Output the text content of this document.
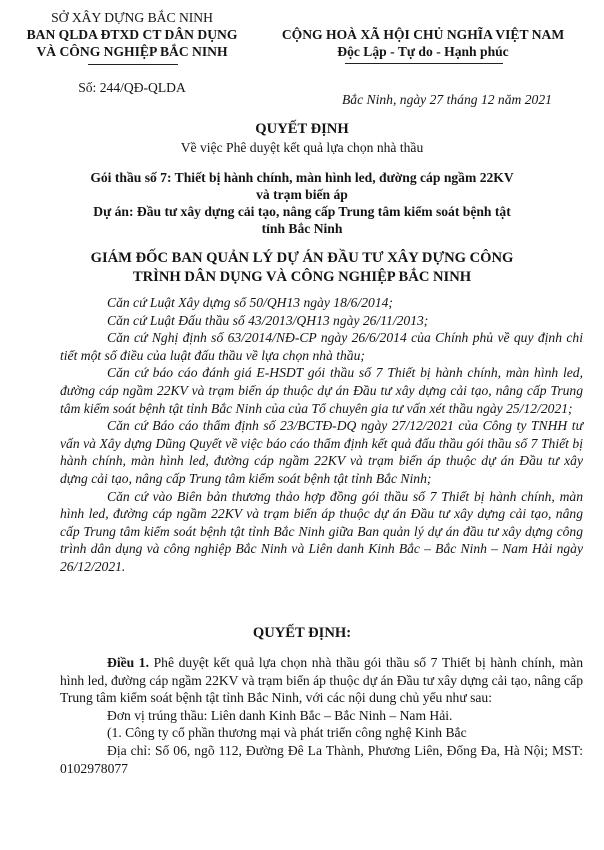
SỞ XÂY DỰNG BẮC NINH
BAN QLDA ĐTXD CT DÂN DỤNG
VÀ CÔNG NGHIỆP BẮC NINH
Số: 244/QĐ-QLDA
CỘNG HOÀ XÃ HỘI CHỦ NGHĨA VIỆT NAM
Độc Lập - Tự do - Hạnh phúc
Bắc Ninh, ngày 27 tháng 12 năm 2021
QUYẾT ĐỊNH
Về việc Phê duyệt kết quả lựa chọn nhà thầu
Gói thầu số 7: Thiết bị hành chính, màn hình led, đường cáp ngầm 22KV
và trạm biến áp
Dự án: Đầu tư xây dựng cải tạo, nâng cấp Trung tâm kiểm soát bệnh tật
tỉnh Bắc Ninh
GIÁM ĐỐC BAN QUẢN LÝ DỰ ÁN ĐẦU TƯ XÂY DỰNG CÔNG
TRÌNH DÂN DỤNG VÀ CÔNG NGHIỆP BẮC NINH

Căn cứ Luật Xây dựng số 50/QH13 ngày 18/6/2014;

Căn cứ Luật Đấu thầu số 43/2013/QH13 ngày 26/11/2013;

Căn cứ Nghị định số 63/2014/NĐ-CP ngày 26/6/2014 của Chính phủ về quy định chi tiết một số điều của luật đấu thầu về lựa chọn nhà thầu;

Căn cứ báo cáo đánh giá E-HSDT gói thầu số 7 Thiết bị hành chính, màn hình led, đường cáp ngầm 22KV và trạm biến áp thuộc dự án Đầu tư xây dựng cải tạo, nâng cấp Trung tâm kiểm soát bệnh tật tỉnh Bắc Ninh của của Tổ chuyên gia tư vấn xét thầu ngày 25/12/2021;

Căn cứ Báo cáo thẩm định số 23/BCTĐ-DQ ngày 27/12/2021 của Công ty TNHH tư vấn và Xây dựng Dũng Quyết về việc báo cáo thẩm định kết quả đấu thầu gói thầu số 7 Thiết bị hành chính, màn hình led, đường cáp ngầm 22KV và trạm biến áp thuộc dự án Đầu tư xây dựng cải tạo, nâng cấp Trung tâm kiểm soát bệnh tật tỉnh Bắc Ninh;

Căn cứ vào Biên bản thương thảo hợp đồng gói thầu số 7 Thiết bị hành chính, màn hình led, đường cáp ngầm 22KV và trạm biến áp thuộc dự án Đầu tư xây dựng cải tạo, nâng cấp Trung tâm kiểm soát bệnh tật tỉnh Bắc Ninh giữa Ban quản lý dự án đầu tư xây dựng công trình dân dụng và công nghiệp Bắc Ninh và Liên danh Kinh Bắc – Bắc Ninh – Nam Hải ngày 26/12/2021.

QUYẾT ĐỊNH:

Điều 1. Phê duyệt kết quả lựa chọn nhà thầu gói thầu số 7 Thiết bị hành chính, màn hình led, đường cáp ngầm 22KV và trạm biến áp thuộc dự án Đầu tư xây dựng cải tạo, nâng cấp Trung tâm kiểm soát bệnh tật tỉnh Bắc Ninh, với các nội dung chủ yếu như sau:

Đơn vị trúng thầu: Liên danh Kinh Bắc – Bắc Ninh – Nam Hải.

(1. Công ty cổ phần thương mại và phát triển công nghệ Kinh Bắc

Địa chỉ: Số 06, ngõ 112, Đường Đê La Thành, Phương Liên, Đống Đa, Hà Nội; MST: 0102978077
